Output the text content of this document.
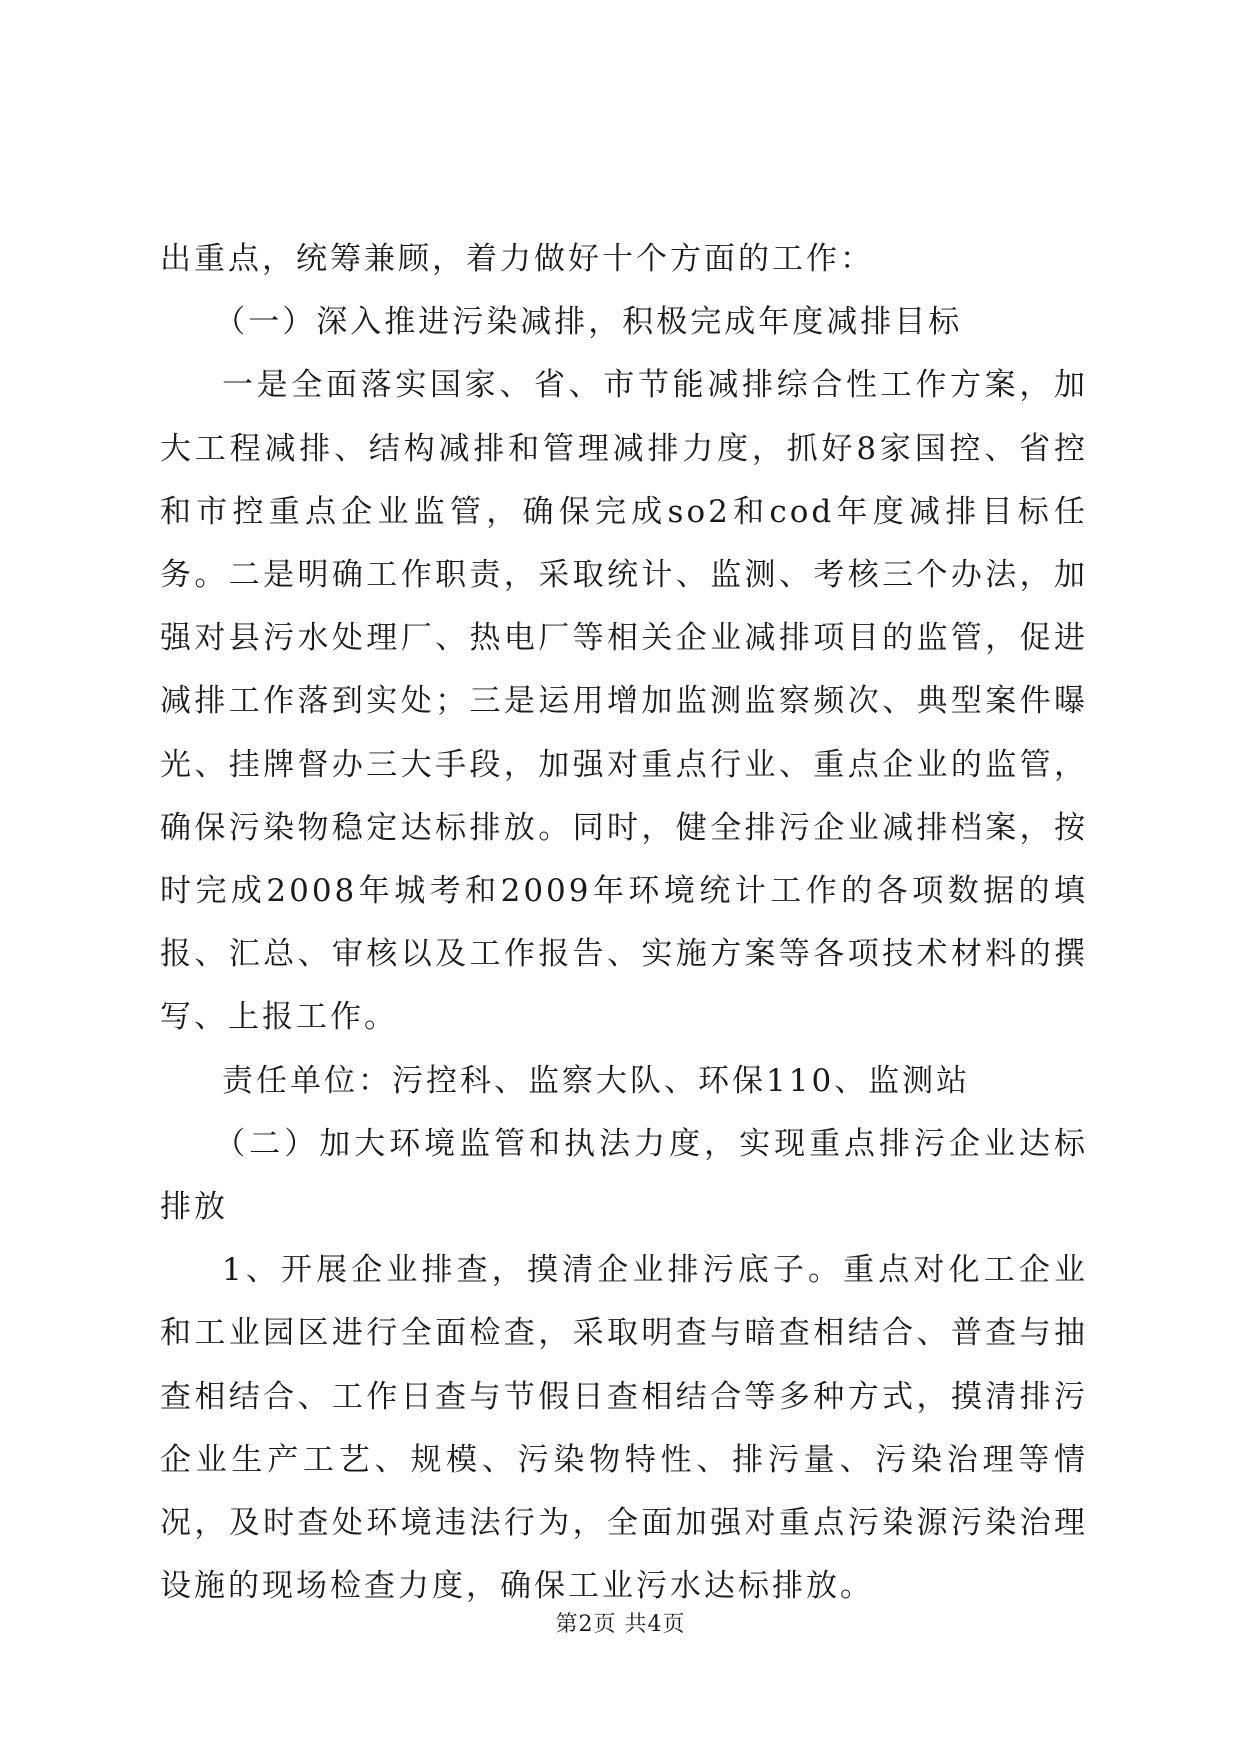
出重点，统筹兼顾，着力做好十个方面的工作：

（一）深入推进污染减排，积极完成年度减排目标

一是全面落实国家、省、市节能减排综合性工作方案，加大工程减排、结构减排和管理减排力度，抓好8家国控、省控和市控重点企业监管，确保完成so2和cod年度减排目标任务。二是明确工作职责，采取统计、监测、考核三个办法，加强对县污水处理厂、热电厂等相关企业减排项目的监管，促进减排工作落到实处；三是运用增加监测监察频次、典型案件曝光、挂牌督办三大手段，加强对重点行业、重点企业的监管，确保污染物稳定达标排放。同时，健全排污企业减排档案，按时完成2008年城考和2009年环境统计工作的各项数据的填报、汇总、审核以及工作报告、实施方案等各项技术材料的撰写、上报工作。

责任单位：污控科、监察大队、环保110、监测站

（二）加大环境监管和执法力度，实现重点排污企业达标排放

1、开展企业排查，摸清企业排污底子。重点对化工企业和工业园区进行全面检查，采取明查与暗查相结合、普查与抽查相结合、工作日查与节假日查相结合等多种方式，摸清排污企业生产工艺、规模、污染物特性、排污量、污染治理等情况，及时查处环境违法行为，全面加强对重点污染源污染治理设施的现场检查力度，确保工业污水达标排放。

第2页 共4页
